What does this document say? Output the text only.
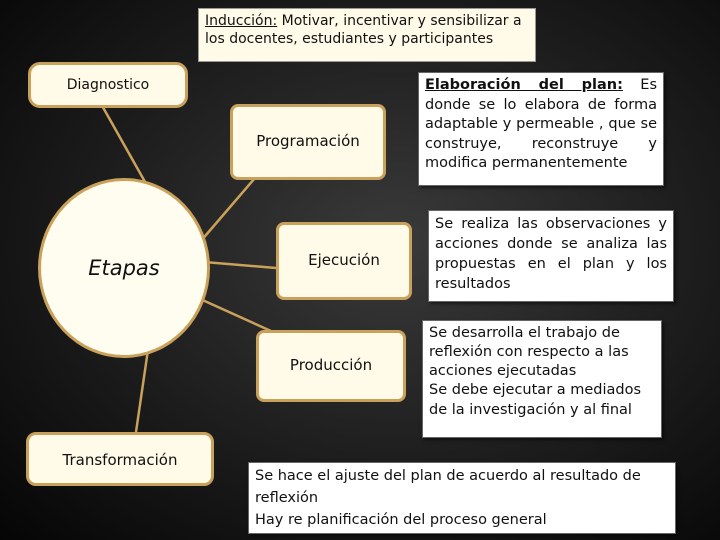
Inducción: Motivar, incentivar y sensibilizar a los docentes, estudiantes y participantes
Diagnostico
Programación
Etapas	Ejecución
Producción
Transformación
Elaboración del plan: Es donde se lo elabora de forma adaptable y permeable , que se construye, reconstruye y modifica permanentemente
Se realiza las observaciones y acciones donde se analiza las propuestas en el plan y los resultados
Se desarrolla el trabajo de reflexión con respecto a las acciones ejecutadas
Se debe ejecutar a mediados de la investigación y al final
Se hace el ajuste del plan de acuerdo al resultado de reflexión
Hay re planificación del proceso general
